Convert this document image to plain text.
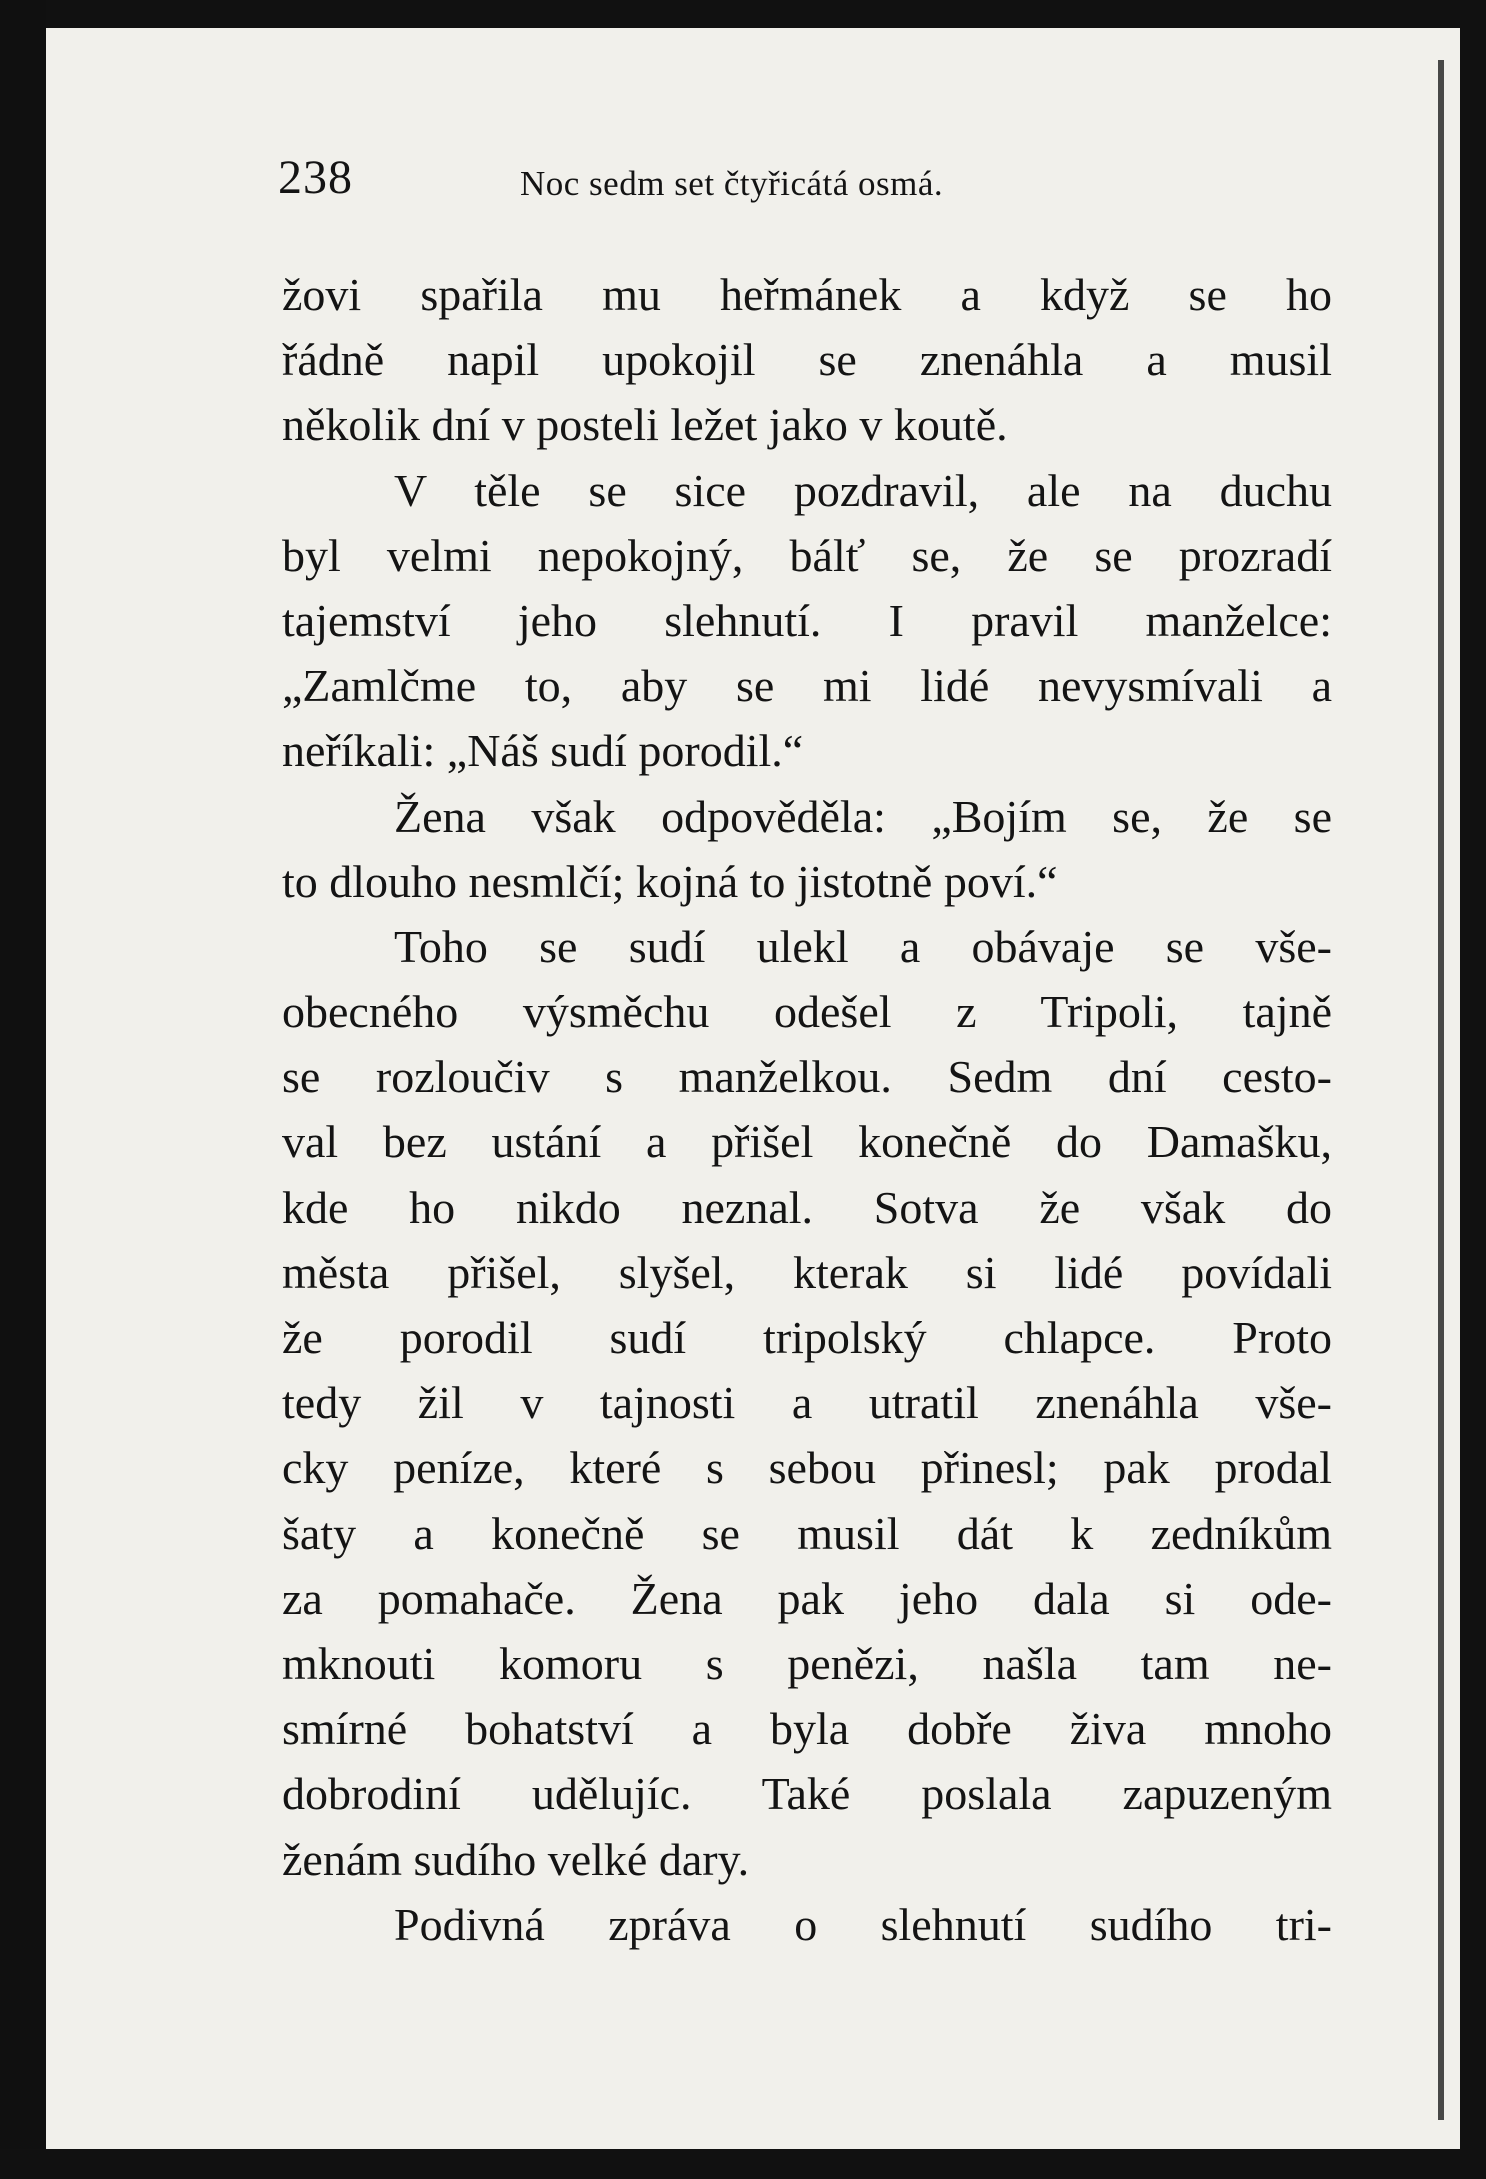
238	Noc sedm set čtyřicátá osmá.
žovi spařila mu heřmánek a když se ho
řádně napil upokojil se znenáhla a musil
několik dní v posteli ležet jako v koutě.
V těle se sice pozdravil, ale na duchu
byl velmi nepokojný, bálť se, že se prozradí
tajemství jeho slehnutí. I pravil manželce:
„Zamlčme to, aby se mi lidé nevysmívali a
neříkali: „Náš sudí porodil.“
Žena však odpověděla: „Bojím se, že se
to dlouho nesmlčí; kojná to jistotně poví.“
Toho se sudí ulekl a obávaje se vše-
obecného výsměchu odešel z Tripoli, tajně
se rozloučiv s manželkou. Sedm dní cesto-
val bez ustání a přišel konečně do Damašku,
kde ho nikdo neznal. Sotva že však do
města přišel, slyšel, kterak si lidé povídali
že porodil sudí tripolský chlapce. Proto
tedy žil v tajnosti a utratil znenáhla vše-
cky peníze, které s sebou přinesl; pak prodal
šaty a konečně se musil dát k zedníkům
za pomahače. Žena pak jeho dala si ode-
mknouti komoru s penězi, našla tam ne-
smírné bohatství a byla dobře živa mnoho
dobrodiní udělujíc. Také poslala zapuzeným
ženám sudího velké dary.
Podivná zpráva o slehnutí sudího tri-
